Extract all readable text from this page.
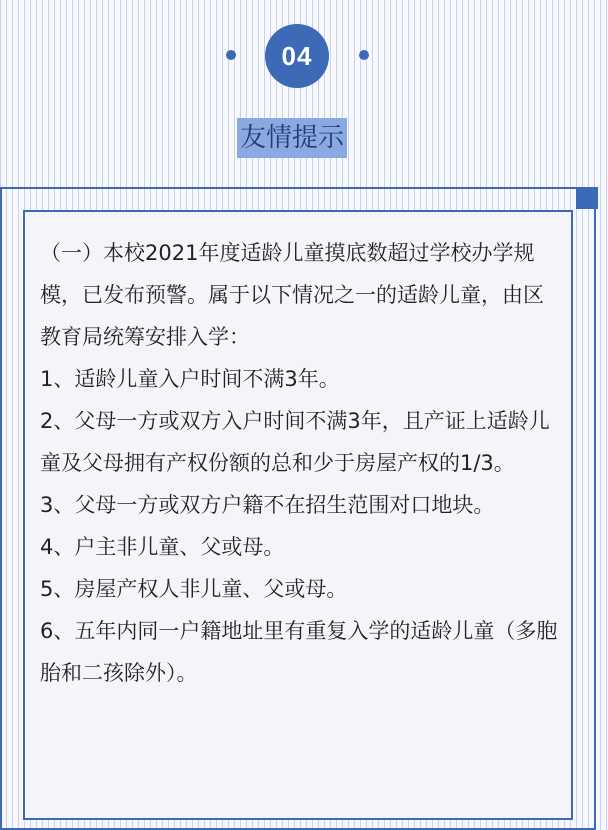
04
友情提示

（一）本校2021年度适龄儿童摸底数超过学校办学规模，已发布预警。属于以下情况之一的适龄儿童，由区教育局统筹安排入学：

1、适龄儿童入户时间不满3年。

2、父母一方或双方入户时间不满3年，且产证上适龄儿童及父母拥有产权份额的总和少于房屋产权的1/3。

3、父母一方或双方户籍不在招生范围对口地块。

4、户主非儿童、父或母。

5、房屋产权人非儿童、父或母。

6、五年内同一户籍地址里有重复入学的适龄儿童（多胞胎和二孩除外）。
